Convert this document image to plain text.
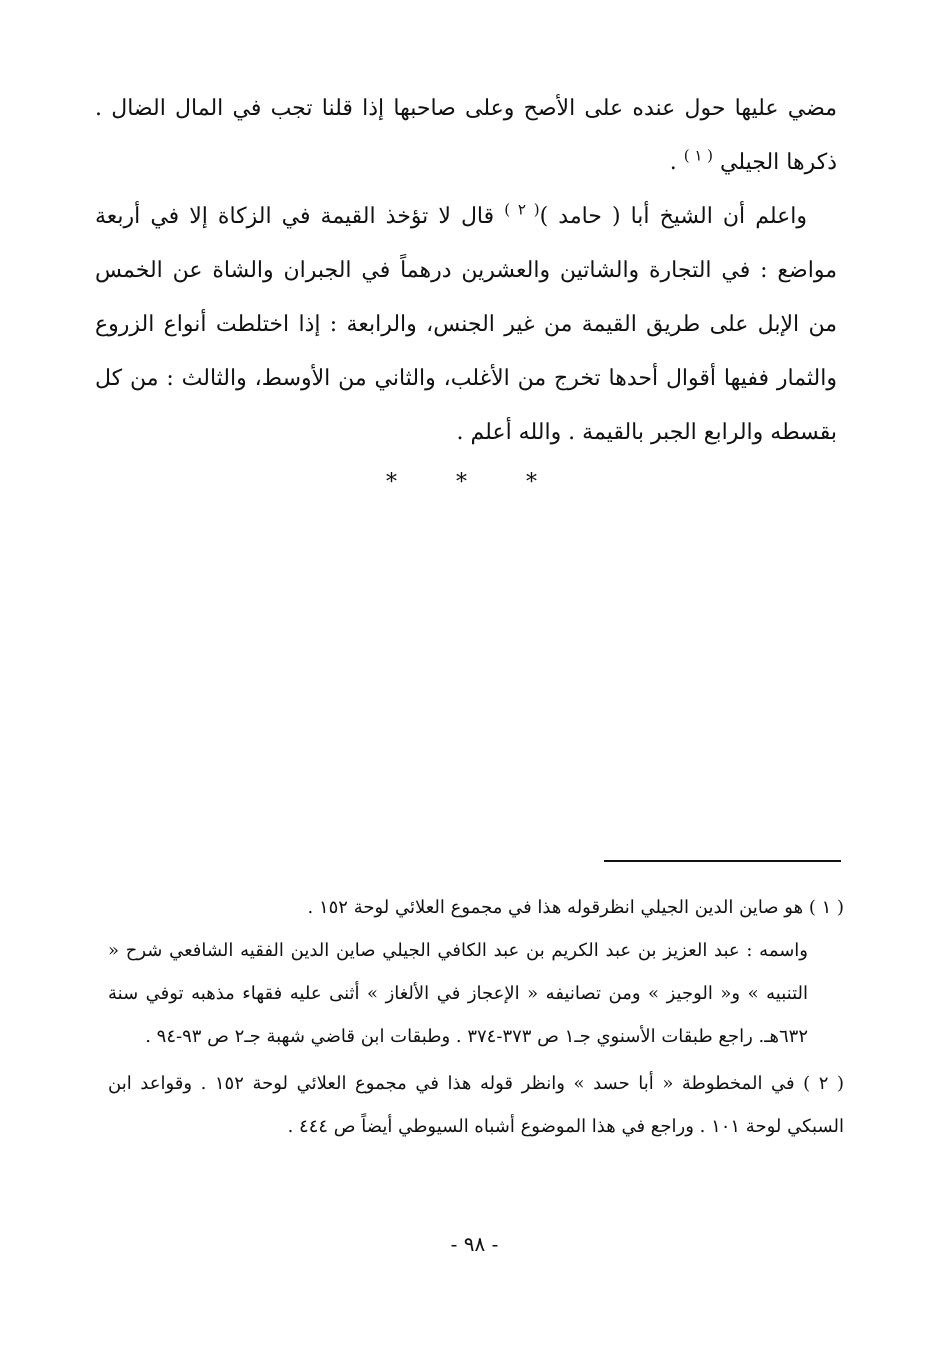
مضي عليها حول عنده على الأصح وعلى صاحبها إذا قلنا تجب في المال الضال . ذكرها الجيلي $^{( ١ )}$ .

واعلم أن الشيخ أبا ( حامد )$^{( ٢ )}$ قال لا تؤخذ القيمة في الزكاة إلا في أربعة مواضع : في التجارة والشاتين والعشرين درهماً في الجبران والشاة عن الخمس من الإبل على طريق القيمة من غير الجنس، والرابعة : إذا اختلطت أنواع الزروع والثمار ففيها أقوال أحدها تخرج من الأغلب، والثاني من الأوسط، والثالث : من كل بقسطه والرابع الجبر بالقيمة . والله أعلم .

* * *

( ١ ) هو صاين الدين الجيلي انظرقوله هذا في مجموع العلائي لوحة ١٥٢ .

واسمه : عبد العزيز بن عبد الكريم بن عبد الكافي الجيلي صاين الدين الفقيه الشافعي شرح « التنبيه » و« الوجيز » ومن تصانيفه « الإعجاز في الألغاز » أثنى عليه فقهاء مذهبه توفي سنة ٦٣٢هـ. راجع طبقات الأسنوي جـ١ ص ٣٧٣-٣٧٤ . وطبقات ابن قاضي شهبة جـ٢ ص ٩٣-٩٤ .

( ٢ ) في المخطوطة « أبا حسد » وانظر قوله هذا في مجموع العلائي لوحة ١٥٢ . وقواعد ابن السبكي لوحة ١٠١ . وراجع في هذا الموضوع أشباه السيوطي أيضاً ص ٤٤٤ .

- ٩٨ -
